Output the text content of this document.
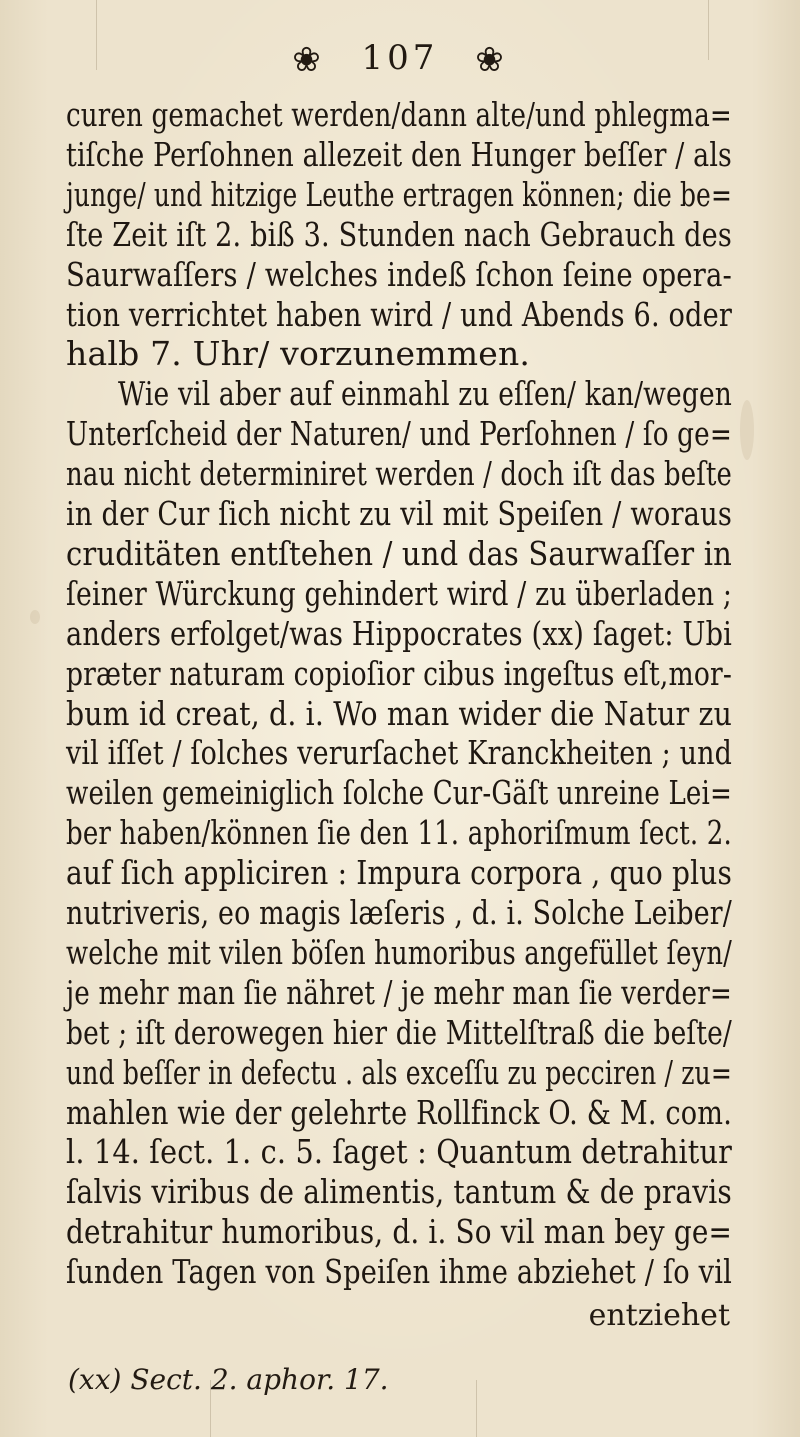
❀ 107 ❀
curen gemachet werden/dann alte/und phlegma=
tiſche Perſohnen allezeit den Hunger beſſer / als
junge/ und hitzige Leuthe ertragen können; die be=
ſte Zeit iſt 2. biß 3. Stunden nach Gebrauch des
Saurwaſſers / welches indeß ſchon ſeine opera-
tion verrichtet haben wird / und Abends 6. oder
halb 7. Uhr/ vorzunemmen.
Wie vil aber auf einmahl zu eſſen/ kan/wegen
Unterſcheid der Naturen/ und Perſohnen / ſo ge=
nau nicht determiniret werden / doch iſt das beſte
in der Cur ſich nicht zu vil mit Speiſen / woraus
cruditäten entſtehen / und das Saurwaſſer in
ſeiner Würckung gehindert wird / zu überladen ;
anders erfolget/was Hippocrates (xx) ſaget: Ubi
præter naturam copioſior cibus ingeſtus eſt,mor-
bum id creat, d. i. Wo man wider die Natur zu
vil iſſet / ſolches verurſachet Kranckheiten ; und
weilen gemeiniglich ſolche Cur-Gäſt unreine Lei=
ber haben/können ſie den 11. aphoriſmum ſect. 2.
auf ſich appliciren : Impura corpora , quo plus
nutriveris, eo magis læſeris , d. i. Solche Leiber/
welche mit vilen böſen humoribus angefüllet ſeyn/
je mehr man ſie nähret / je mehr man ſie verder=
bet ; iſt derowegen hier die Mittelſtraß die beſte/
und beſſer in defectu . als exceſſu zu pecciren / zu=
mahlen wie der gelehrte Rollfinck O. & M. com.
l. 14. ſect. 1. c. 5. ſaget : Quantum detrahitur
ſalvis viribus de alimentis, tantum & de pravis
detrahitur humoribus, d. i. So vil man bey ge=
ſunden Tagen von Speiſen ihme abziehet / ſo vil
entziehet
(xx) Sect. 2. aphor. 17.
